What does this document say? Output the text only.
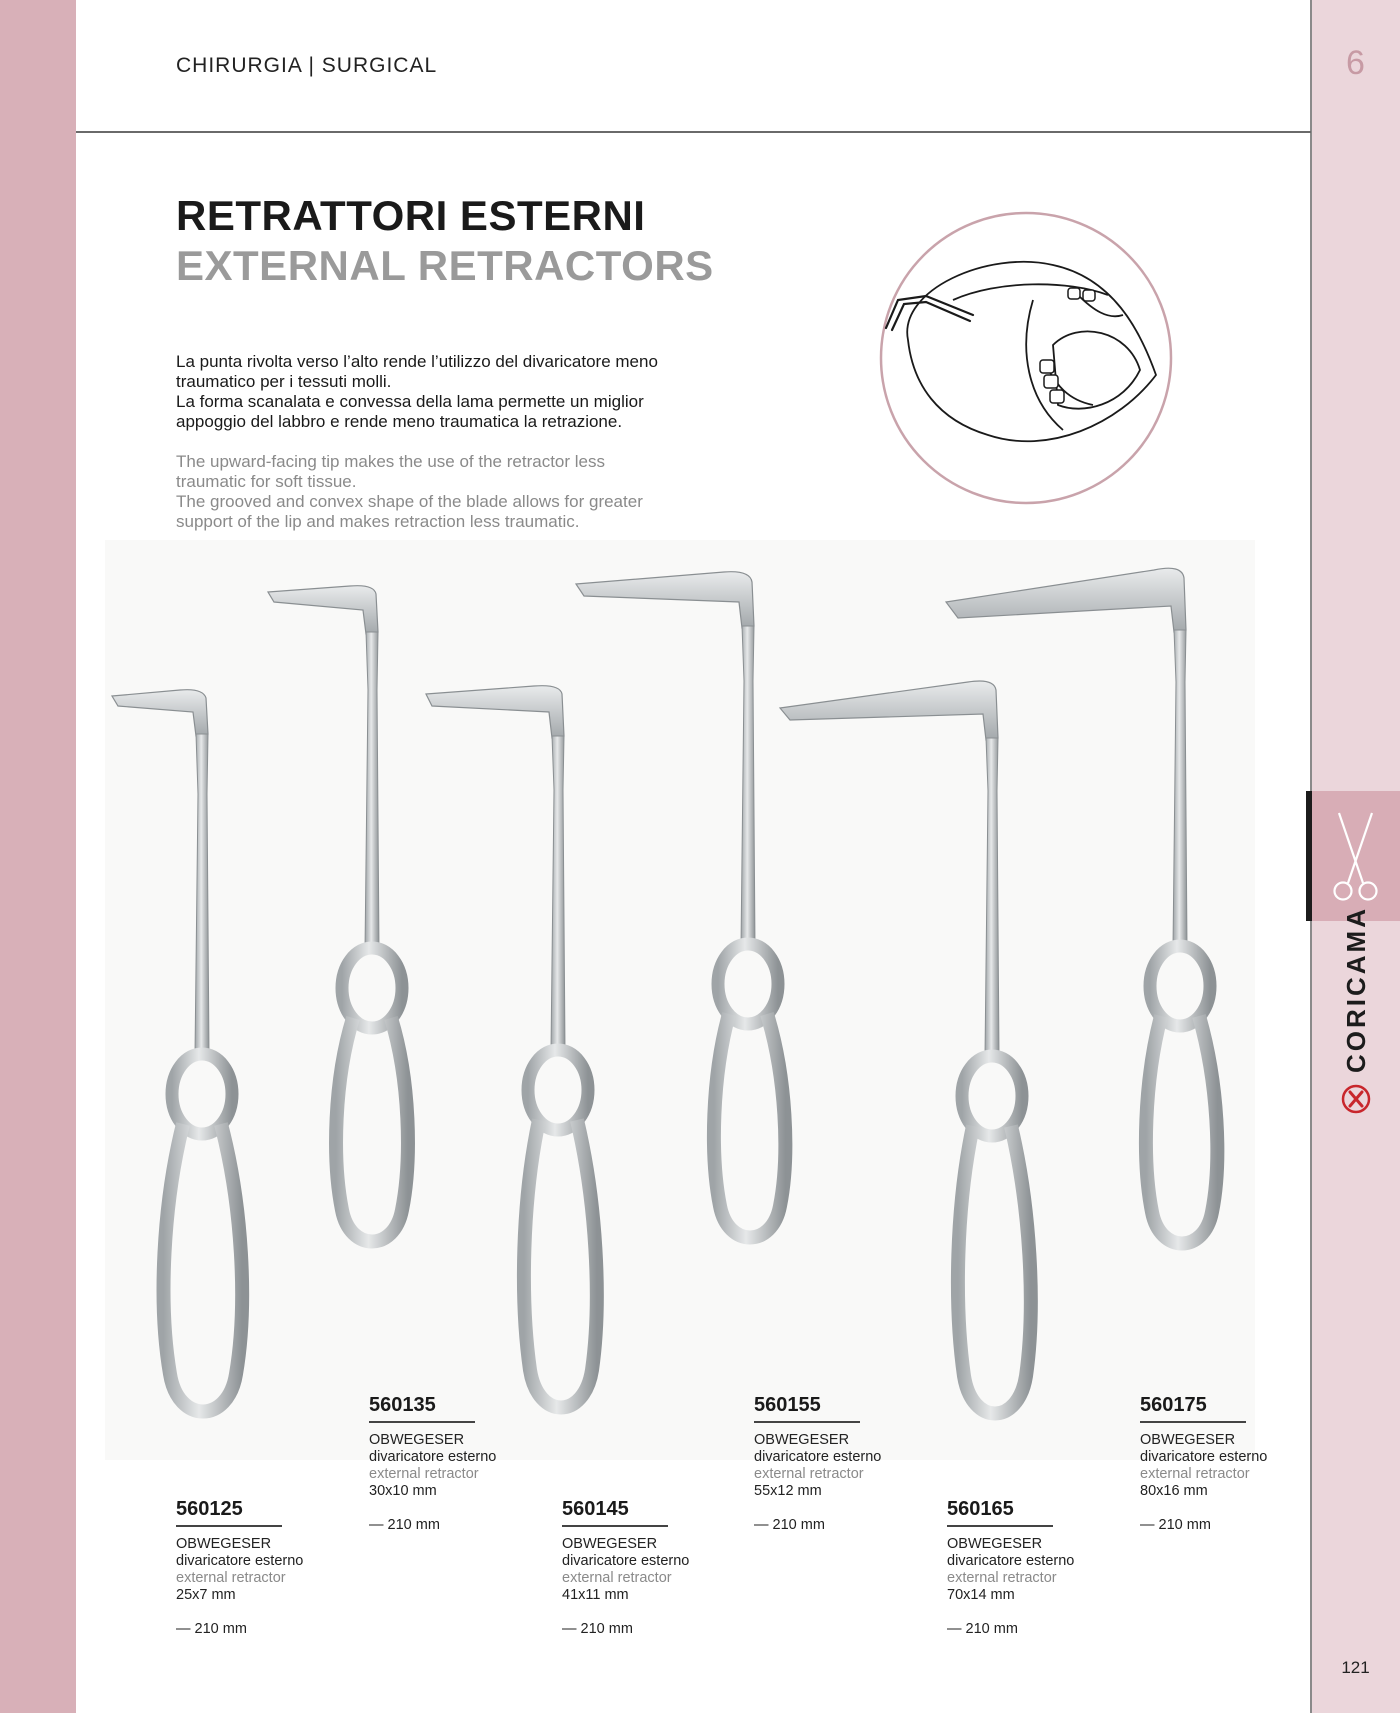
6
CORICAMA
CHIRURGIA | SURGICAL
RETRATTORI ESTERNI
EXTERNAL RETRACTORS

La punta rivolta verso l’alto rende l’utilizzo del divaricatore meno
traumatico per i tessuti molli.
La forma scanalata e convessa della lama permette un miglior
appoggio del labbro e rende meno traumatica la retrazione.

The upward-facing tip makes the use of the retractor less
traumatic for soft tissue.
The grooved and convex shape of the blade allows for greater
support of the lip and makes retraction less traumatic.

560125
OBWEGESER
divaricatore esterno
external retractor
25x7 mm
— 210 mm
560135
OBWEGESER
divaricatore esterno
external retractor
30x10 mm
— 210 mm
560145
OBWEGESER
divaricatore esterno
external retractor
41x11 mm
— 210 mm
560155
OBWEGESER
divaricatore esterno
external retractor
55x12 mm
— 210 mm
560165
OBWEGESER
divaricatore esterno
external retractor
70x14 mm
— 210 mm
560175
OBWEGESER
divaricatore esterno
external retractor
80x16 mm
— 210 mm
121
